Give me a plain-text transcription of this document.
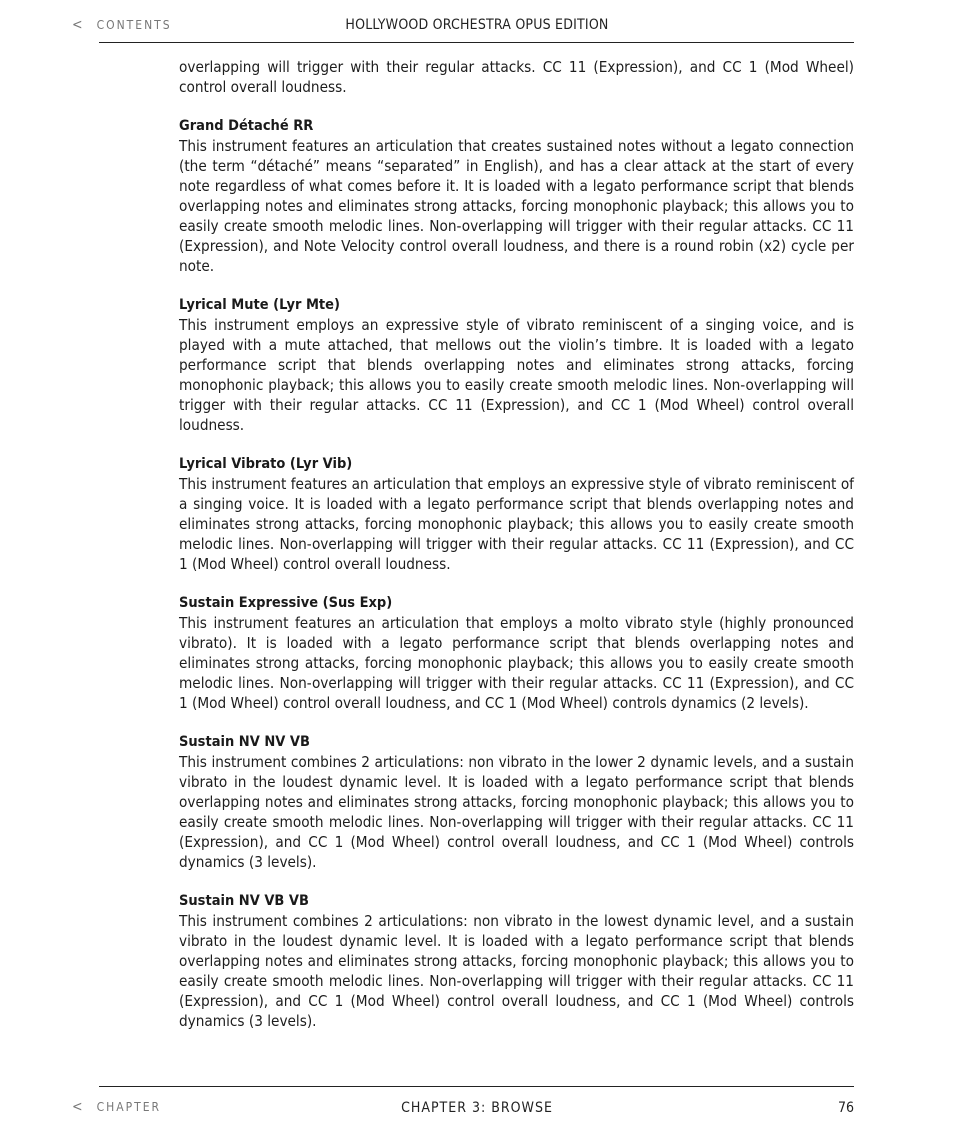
< CONTENTS	HOLLYWOOD ORCHESTRA OPUS EDITION

overlapping will trigger with their regular attacks. CC 11 (Expression), and CC 1 (Mod Wheel) control overall loudness.

Grand Détaché RR

This instrument features an articulation that creates sustained notes without a legato connection (the term “détaché” means “separated” in English), and has a clear attack at the start of every note regardless of what comes before it. It is loaded with a legato performance script that blends overlapping notes and eliminates strong attacks, forcing monophonic playback; this allows you to easily create smooth melodic lines. Non-overlapping will trigger with their regular attacks. CC 11 (Expression), and Note Velocity control overall loudness, and there is a round robin (x2) cycle per note.

Lyrical Mute (Lyr Mte)

This instrument employs an expressive style of vibrato reminiscent of a singing voice, and is played with a mute attached, that mellows out the violin’s timbre. It is loaded with a legato performance script that blends overlapping notes and eliminates strong attacks, forcing monophonic playback; this allows you to easily create smooth melodic lines. Non-overlapping will trigger with their regular attacks. CC 11 (Expression), and CC 1 (Mod Wheel) control overall loudness.

Lyrical Vibrato (Lyr Vib)

This instrument features an articulation that employs an expressive style of vibrato reminiscent of a singing voice. It is loaded with a legato performance script that blends overlapping notes and eliminates strong attacks, forcing monophonic playback; this allows you to easily create smooth melodic lines. Non-overlapping will trigger with their regular attacks. CC 11 (Expression), and CC 1 (Mod Wheel) control overall loudness.

Sustain Expressive (Sus Exp)

This instrument features an articulation that employs a molto vibrato style (highly pronounced vibrato). It is loaded with a legato performance script that blends overlapping notes and eliminates strong attacks, forcing monophonic playback; this allows you to easily create smooth melodic lines. Non-overlapping will trigger with their regular attacks. CC 11 (Expression), and CC 1 (Mod Wheel) control overall loudness, and CC 1 (Mod Wheel) controls dynamics (2 levels).

Sustain NV NV VB

This instrument combines 2 articulations: non vibrato in the lower 2 dynamic levels, and a sustain vibrato in the loudest dynamic level. It is loaded with a legato performance script that blends overlapping notes and eliminates strong attacks, forcing monophonic playback; this allows you to easily create smooth melodic lines. Non-overlapping will trigger with their regular attacks. CC 11 (Expression), and CC 1 (Mod Wheel) control overall loudness, and CC 1 (Mod Wheel) controls dynamics (3 levels).

Sustain NV VB VB

This instrument combines 2 articulations: non vibrato in the lowest dynamic level, and a sustain vibrato in the loudest dynamic level. It is loaded with a legato performance script that blends overlapping notes and eliminates strong attacks, forcing monophonic playback; this allows you to easily create smooth melodic lines. Non-overlapping will trigger with their regular attacks. CC 11 (Expression), and CC 1 (Mod Wheel) control overall loudness, and CC 1 (Mod Wheel) controls dynamics (3 levels).

< CHAPTER	CHAPTER 3: BROWSE	76
